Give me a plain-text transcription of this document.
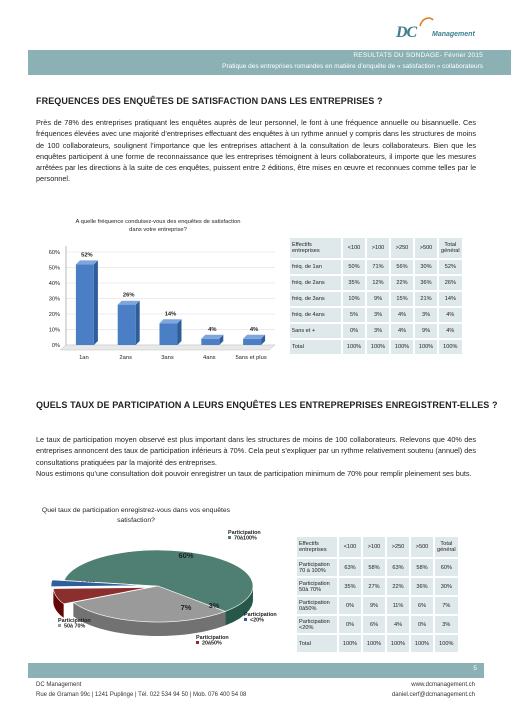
DC Management
RESULTATS DU SONDAGE- Février 2015
Pratique des entreprises romandes en matière d’enquête de « satisfaction » collaborateurs
FREQUENCES DES ENQUÊTES DE SATISFACTION DANS LES ENTREPRISES ?

Près de 78% des entreprises pratiquant les enquêtes auprès de leur personnel, le font à une fréquence annuelle ou bisannuelle. Ces fréquences élevées avec une majorité d’entreprises effectuant des enquêtes à un rythme annuel y compris dans les structures de moins de 100 collaborateurs, soulignent l’importance que les entreprises attachent à la consultation de leurs collaborateurs. Bien que les enquêtes participent à une forme de reconnaissance que les entreprises témoignent à leurs collaborateurs, il importe que les mesures arrêtées par les directions à la suite de ces enquêtes, puissent entre 2 éditions, être mises en œuvre et reconnues comme telles par le personnel.

A quelle fréquence conduisez-vous des enquêtes de satisfaction
dans votre entreprise?
0%
10%
20%
30%
40%
50%
60%	52%
1an
26%
2ans
14%
3ans
4%
4ans
4%
5ans et plus
Effectifs entreprises	<100	>100	>250	>500	Total général
fréq. de 1an	50%	71%	56%	30%	52%
fréq. de 2ans	35%	12%	22%	36%	26%
fréq. de 3ans	10%	9%	15%	21%	14%
fréq. de 4ans	5%	3%	4%	3%	4%
5ans et +	0%	3%	4%	9%	4%
Total	100%	100%	100%	100%	100%
QUELS TAUX DE PARTICIPATION A LEURS ENQUÊTES LES ENTREPREPRISES ENREGISTRENT-ELLES ?

Le taux de participation moyen observé est plus important dans les structures de moins de 100 collaborateurs. Relevons que 40% des entreprises annoncent des taux de participation inférieurs à 70%. Cela peut s’expliquer par un rythme relativement soutenu (annuel) des consultations pratiquées par la majorité des entreprises.

Nous estimons qu’une consultation doit pouvoir enregistrer un taux de participation minimum de 70% pour remplir pleinement ses buts.

Quel taux de participation enregistrez-vous dans vos enquêtes
satisfaction?
60%
7% 3%
Participation
70à100%
Participation
50à 70%
Participation
20à50%
Participation
<20%
Effectifs entreprises	<100	>100	>250	>500	Total général
Participation 70 à 100%	63%	58%	63%	58%	60%
Participation 50à 70%	35%	27%	22%	36%	30%
Participation 0à50%	0%	9%	11%	6%	7%
Participation <20%	0%	6%	4%	0%	3%
Total	100%	100%	100%	100%	100%
5
DC Management
Rue de Graman 99c | 1241 Puplinge | Tél. 022 534 94 50 | Mob. 076 400 54 08
www.dcmanagement.ch
daniel.cerf@dcmanagement.ch
